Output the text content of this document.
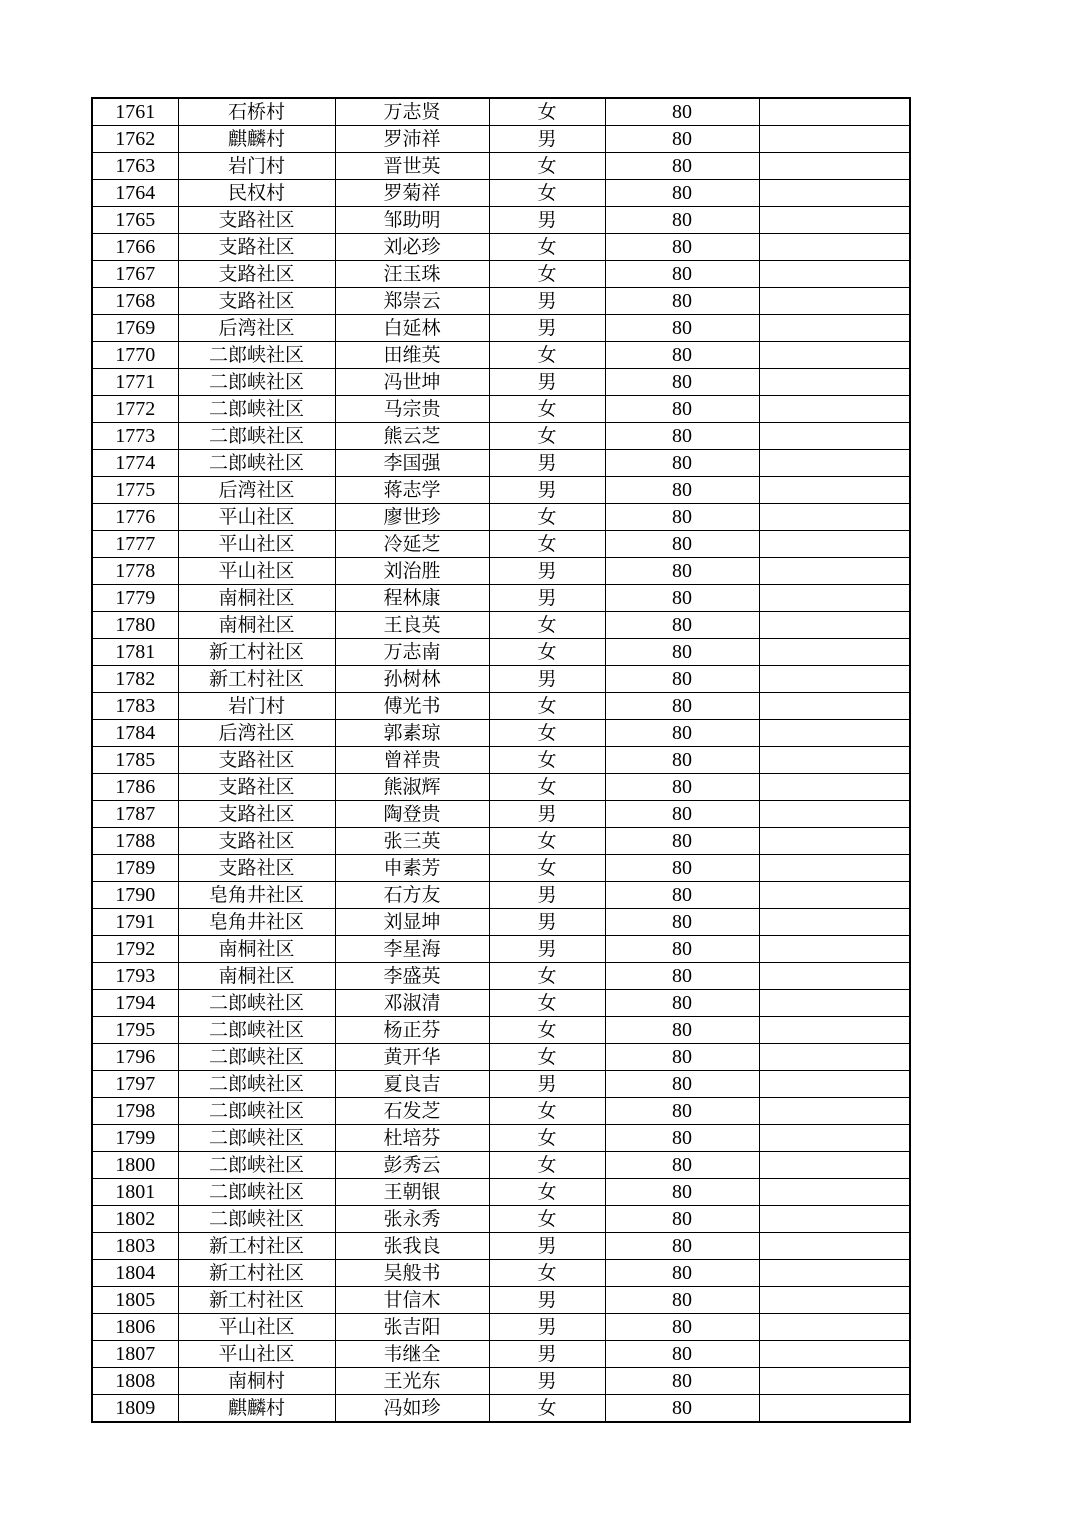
1761	石桥村	万志贤	女	80	
1762	麒麟村	罗沛祥	男	80	
1763	岩门村	晋世英	女	80	
1764	民权村	罗菊祥	女	80	
1765	支路社区	邹助明	男	80	
1766	支路社区	刘必珍	女	80	
1767	支路社区	汪玉珠	女	80	
1768	支路社区	郑崇云	男	80	
1769	后湾社区	白延林	男	80	
1770	二郎峡社区	田维英	女	80	
1771	二郎峡社区	冯世坤	男	80	
1772	二郎峡社区	马宗贵	女	80	
1773	二郎峡社区	熊云芝	女	80	
1774	二郎峡社区	李国强	男	80	
1775	后湾社区	蒋志学	男	80	
1776	平山社区	廖世珍	女	80	
1777	平山社区	冷延芝	女	80	
1778	平山社区	刘治胜	男	80	
1779	南桐社区	程林康	男	80	
1780	南桐社区	王良英	女	80	
1781	新工村社区	万志南	女	80	
1782	新工村社区	孙树林	男	80	
1783	岩门村	傅光书	女	80	
1784	后湾社区	郭素琼	女	80	
1785	支路社区	曾祥贵	女	80	
1786	支路社区	熊淑辉	女	80	
1787	支路社区	陶登贵	男	80	
1788	支路社区	张三英	女	80	
1789	支路社区	申素芳	女	80	
1790	皂角井社区	石方友	男	80	
1791	皂角井社区	刘显坤	男	80	
1792	南桐社区	李星海	男	80	
1793	南桐社区	李盛英	女	80	
1794	二郎峡社区	邓淑清	女	80	
1795	二郎峡社区	杨正芬	女	80	
1796	二郎峡社区	黄开华	女	80	
1797	二郎峡社区	夏良吉	男	80	
1798	二郎峡社区	石发芝	女	80	
1799	二郎峡社区	杜培芬	女	80	
1800	二郎峡社区	彭秀云	女	80	
1801	二郎峡社区	王朝银	女	80	
1802	二郎峡社区	张永秀	女	80	
1803	新工村社区	张我良	男	80	
1804	新工村社区	吴般书	女	80	
1805	新工村社区	甘信木	男	80	
1806	平山社区	张吉阳	男	80	
1807	平山社区	韦继全	男	80	
1808	南桐村	王光东	男	80	
1809	麒麟村	冯如珍	女	80	
